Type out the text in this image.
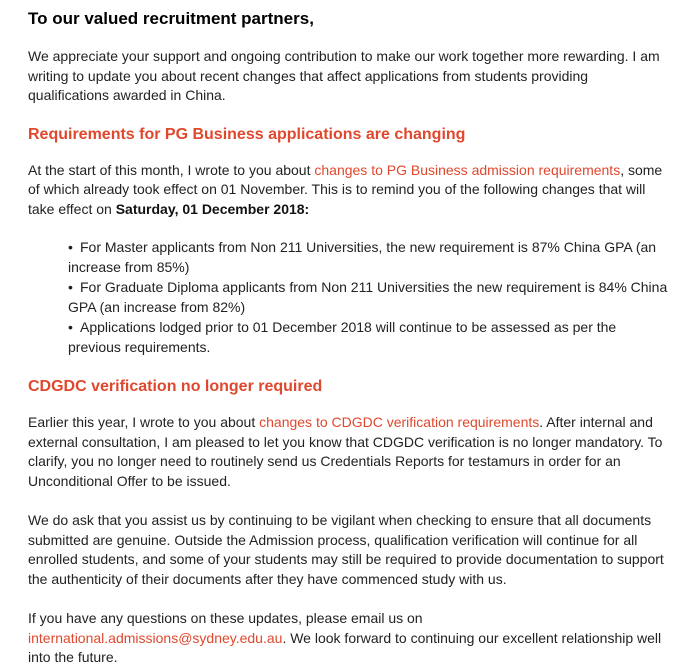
To our valued recruitment partners,

We appreciate your support and ongoing contribution to make our work together more rewarding. I am writing to update you about recent changes that affect applications from students providing qualifications awarded in China.

Requirements for PG Business applications are changing

At the start of this month, I wrote to you about changes to PG Business admission requirements, some of which already took effect on 01 November. This is to remind you of the following changes that will take effect on Saturday, 01 December 2018:

• For Master applicants from Non 211 Universities, the new requirement is 87% China GPA (an increase from 85%)
• For Graduate Diploma applicants from Non 211 Universities the new requirement is 84% China GPA (an increase from 82%)
• Applications lodged prior to 01 December 2018 will continue to be assessed as per the previous requirements.
CDGDC verification no longer required

Earlier this year, I wrote to you about changes to CDGDC verification requirements. After internal and external consultation, I am pleased to let you know that CDGDC verification is no longer mandatory. To clarify, you no longer need to routinely send us Credentials Reports for testamurs in order for an Unconditional Offer to be issued.

We do ask that you assist us by continuing to be vigilant when checking to ensure that all documents submitted are genuine. Outside the Admission process, qualification verification will continue for all enrolled students, and some of your students may still be required to provide documentation to support the authenticity of their documents after they have commenced study with us.

If you have any questions on these updates, please email us on international.admissions@sydney.edu.au. We look forward to continuing our excellent relationship well into the future.
